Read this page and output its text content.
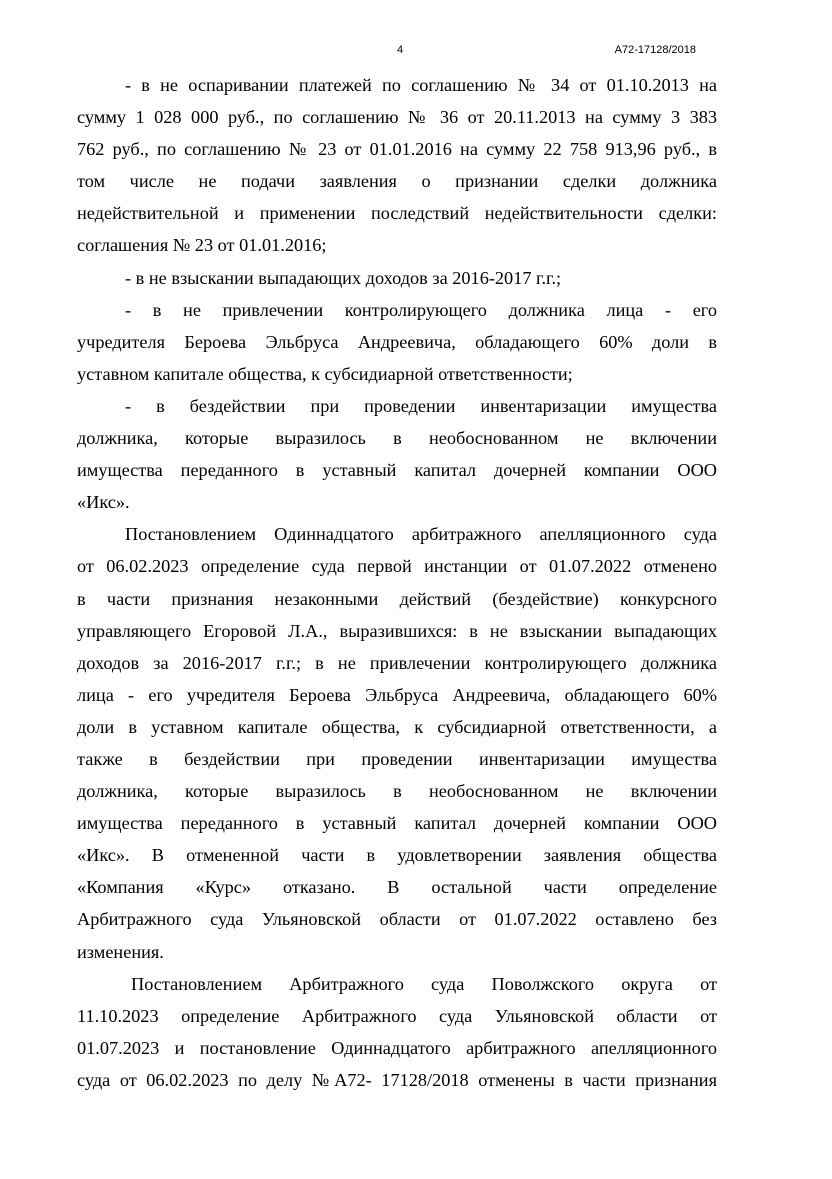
4	А72-17128/2018
- в не оспаривании платежей по соглашению № 34 от 01.10.2013 на
сумму 1 028 000 руб., по соглашению № 36 от 20.11.2013 на сумму 3 383
762 руб., по соглашению № 23 от 01.01.2016 на сумму 22 758 913,96 руб., в
том числе не подачи заявления о признании сделки должника
недействительной и применении последствий недействительности сделки:
соглашения № 23 от 01.01.2016;
- в не взыскании выпадающих доходов за 2016-2017 г.г.;
- в не привлечении контролирующего должника лица - его
учредителя Бероева Эльбруса Андреевича, обладающего 60% доли в
уставном капитале общества, к субсидиарной ответственности;
- в бездействии при проведении инвентаризации имущества
должника, которые выразилось в необоснованном не включении
имущества переданного в уставный капитал дочерней компании ООО
«Икс».
Постановлением Одиннадцатого арбитражного апелляционного суда
от 06.02.2023 определение суда первой инстанции от 01.07.2022 отменено
в части признания незаконными действий (бездействие) конкурсного
управляющего Егоровой Л.А., выразившихся: в не взыскании выпадающих
доходов за 2016-2017 г.г.; в не привлечении контролирующего должника
лица - его учредителя Бероева Эльбруса Андреевича, обладающего 60%
доли в уставном капитале общества, к субсидиарной ответственности, а
также в бездействии при проведении инвентаризации имущества
должника, которые выразилось в необоснованном не включении
имущества переданного в уставный капитал дочерней компании ООО
«Икс». В отмененной части в удовлетворении заявления общества
«Компания «Курс» отказано. В остальной части определение
Арбитражного суда Ульяновской области от 01.07.2022 оставлено без
изменения.
Постановлением Арбитражного суда Поволжского округа от
11.10.2023 определение Арбитражного суда Ульяновской области от
01.07.2023 и постановление Одиннадцатого арбитражного апелляционного
суда от 06.02.2023 по делу №А72- 17128/2018 отменены в части признания
